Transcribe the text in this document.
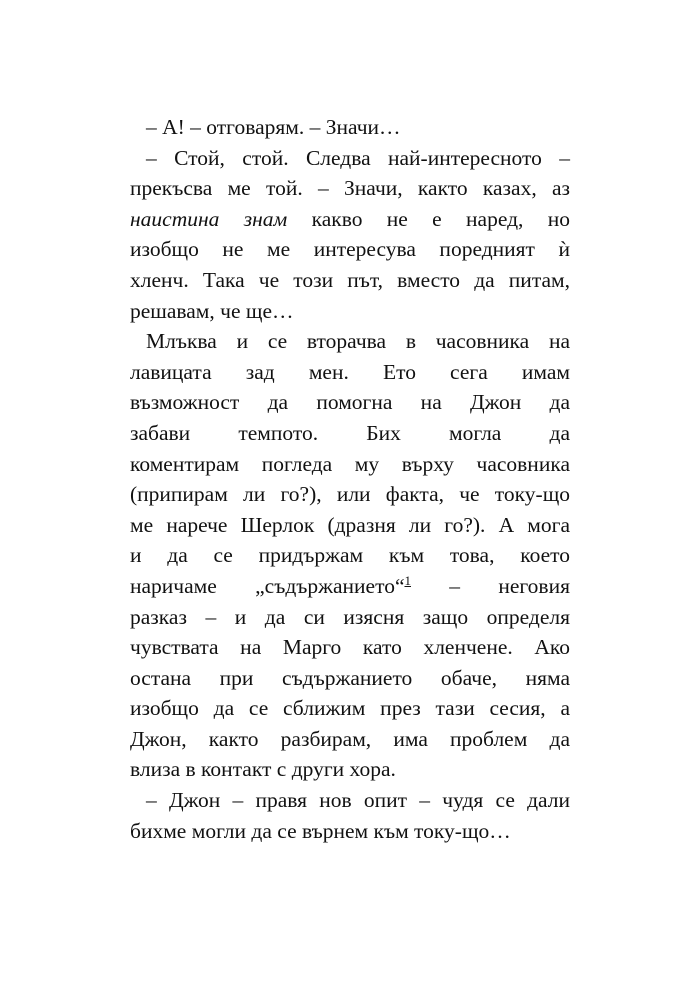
– А! – отговарям. – Значи…
– Стой, стой. Следва най-интересното –
прекъсва ме той. – Значи, както казах, аз
наистина знам какво не е наред, но
изобщо не ме интересува поредният ѝ
хленч. Така че този път, вместо да питам,
решавам, че ще…
Млъква и се вторачва в часовника на
лавицата зад мен. Ето сега имам
възможност да помогна на Джон да
забави темпото. Бих могла да
коментирам погледа му върху часовника
(припирам ли го?), или факта, че току-що
ме нарече Шерлок (дразня ли го?). А мога
и да се придържам към това, което
наричаме „съдържанието“$^1$ – неговия
разказ – и да си изясня защо определя
чувствата на Марго като хленчене. Ако
остана при съдържанието обаче, няма
изобщо да се сближим през тази сесия, а
Джон, както разбирам, има проблем да
влиза в контакт с други хора.
– Джон – правя нов опит – чудя се дали
бихме могли да се върнем към току-що…
